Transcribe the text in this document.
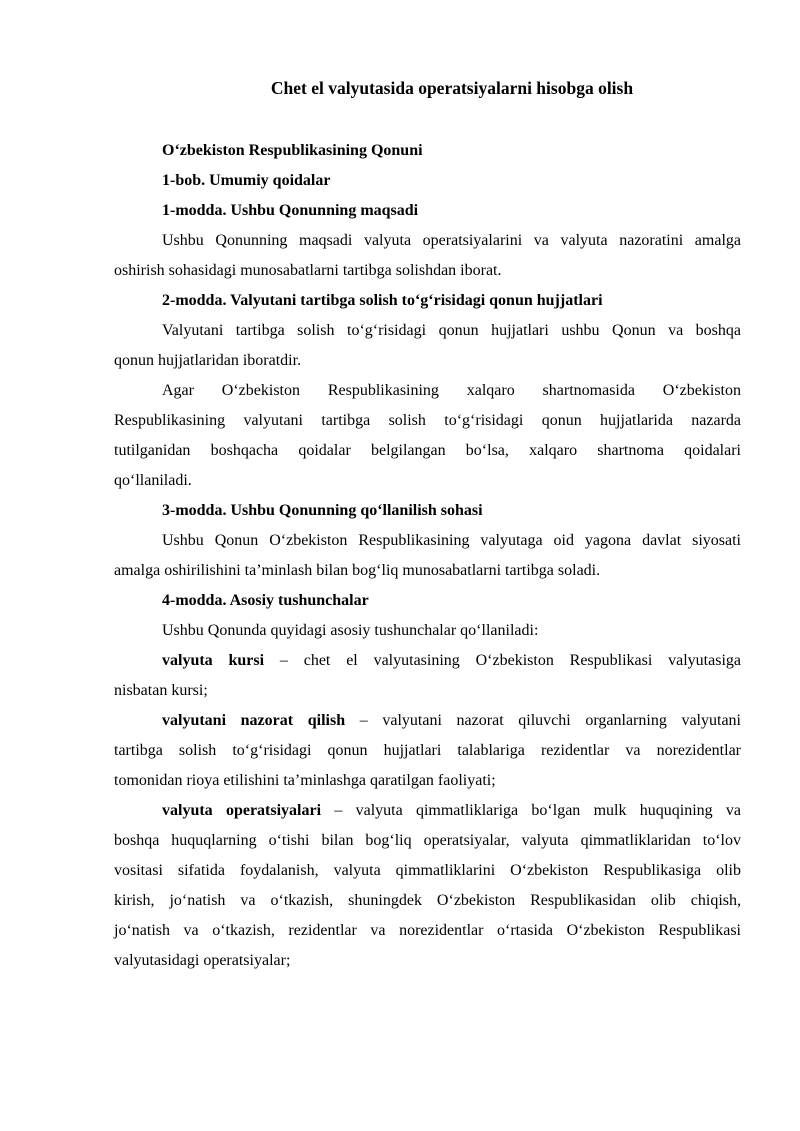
Chet el valyutasida operatsiyalarni hisobga olish
O‘zbekiston Respublikasining Qonuni
1-bob. Umumiy qoidalar
1-modda. Ushbu Qonunning maqsadi
Ushbu Qonunning maqsadi valyuta operatsiyalarini va valyuta nazoratini amalga
oshirish sohasidagi munosabatlarni tartibga solishdan iborat.
2-modda. Valyutani tartibga solish to‘g‘risidagi qonun hujjatlari
Valyutani tartibga solish to‘g‘risidagi qonun hujjatlari ushbu Qonun va boshqa
qonun hujjatlaridan iboratdir.
Agar O‘zbekiston Respublikasining xalqaro shartnomasida O‘zbekiston
Respublikasining valyutani tartibga solish to‘g‘risidagi qonun hujjatlarida nazarda
tutilganidan boshqacha qoidalar belgilangan bo‘lsa, xalqaro shartnoma qoidalari
qo‘llaniladi.
3-modda. Ushbu Qonunning qo‘llanilish sohasi
Ushbu Qonun O‘zbekiston Respublikasining valyutaga oid yagona davlat siyosati
amalga oshirilishini ta’minlash bilan bog‘liq munosabatlarni tartibga soladi.
4-modda. Asosiy tushunchalar
Ushbu Qonunda quyidagi asosiy tushunchalar qo‘llaniladi:
valyuta kursi – chet el valyutasining O‘zbekiston Respublikasi valyutasiga
nisbatan kursi;
valyutani nazorat qilish – valyutani nazorat qiluvchi organlarning valyutani
tartibga solish to‘g‘risidagi qonun hujjatlari talablariga rezidentlar va norezidentlar
tomonidan rioya etilishini ta’minlashga qaratilgan faoliyati;
valyuta operatsiyalari – valyuta qimmatliklariga bo‘lgan mulk huquqining va
boshqa huquqlarning o‘tishi bilan bog‘liq operatsiyalar, valyuta qimmatliklaridan to‘lov
vositasi sifatida foydalanish, valyuta qimmatliklarini O‘zbekiston Respublikasiga olib
kirish, jo‘natish va o‘tkazish, shuningdek O‘zbekiston Respublikasidan olib chiqish,
jo‘natish va o‘tkazish, rezidentlar va norezidentlar o‘rtasida O‘zbekiston Respublikasi
valyutasidagi operatsiyalar;
